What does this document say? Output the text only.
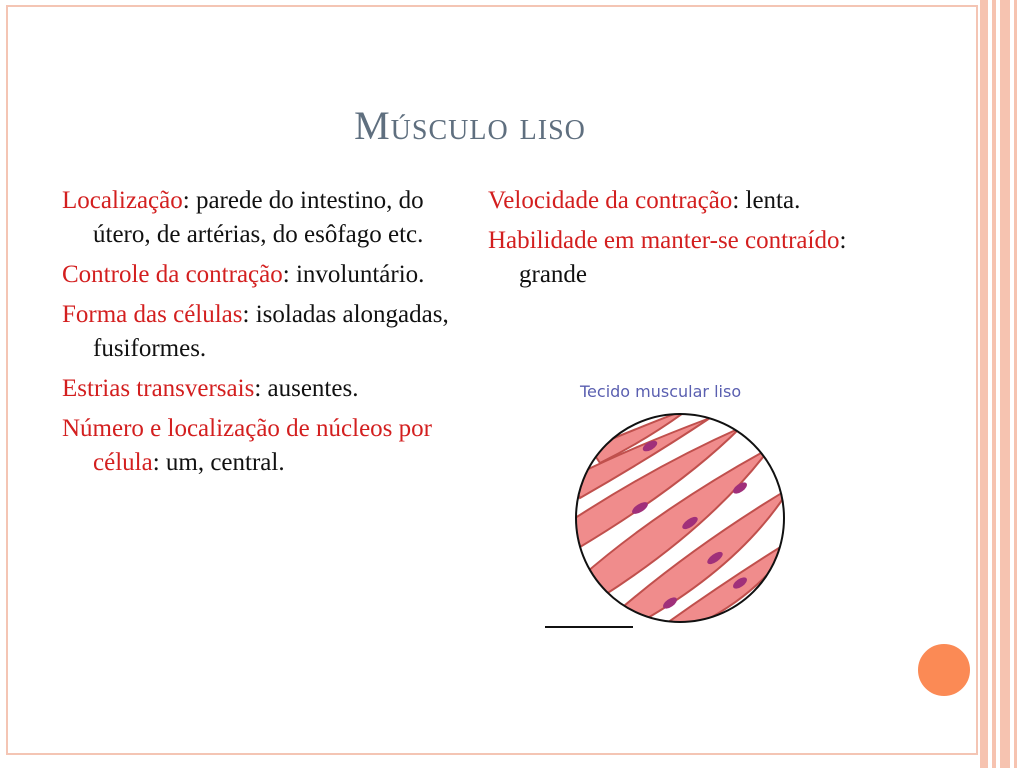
Músculo liso
Localização: parede do intestino, do útero, de artérias, do esôfago etc.
Controle da contração: involuntário.
Forma das células: isoladas alongadas, fusiformes.
Estrias transversais: ausentes.
Número e localização de núcleos por célula: um, central.
Velocidade da contração: lenta.
Habilidade em manter-se contraído: grande
Tecido muscular liso
